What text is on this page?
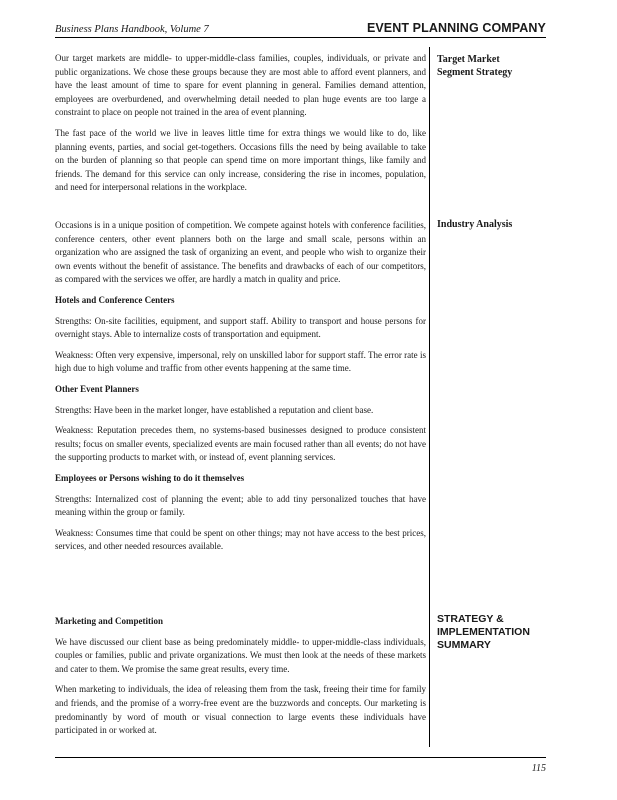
Business Plans Handbook, Volume 7	EVENT PLANNING COMPANY

Our target markets are middle- to upper-middle-class families, couples, individuals, or private and public organizations. We chose these groups because they are most able to afford event planners, and have the least amount of time to spare for event planning in general. Families demand attention, employees are overburdened, and overwhelming detail needed to plan huge events are too large a constraint to place on people not trained in the area of event planning.

The fast pace of the world we live in leaves little time for extra things we would like to do, like planning events, parties, and social get-togethers. Occasions fills the need by being available to take on the burden of planning so that people can spend time on more important things, like family and friends. The demand for this service can only increase, considering the rise in incomes, population, and need for interpersonal relations in the workplace.

Target Market
Segment Strategy

Occasions is in a unique position of competition. We compete against hotels with conference facilities, conference centers, other event planners both on the large and small scale, persons within an organization who are assigned the task of organizing an event, and people who wish to organize their own events without the benefit of assistance. The benefits and drawbacks of each of our competitors, as compared with the services we offer, are hardly a match in quality and price.

Hotels and Conference Centers

Strengths: On-site facilities, equipment, and support staff. Ability to transport and house persons for overnight stays. Able to internalize costs of transportation and equipment.

Weakness: Often very expensive, impersonal, rely on unskilled labor for support staff. The error rate is high due to high volume and traffic from other events happening at the same time.

Other Event Planners

Strengths: Have been in the market longer, have established a reputation and client base.

Weakness: Reputation precedes them, no systems-based businesses designed to produce consistent results; focus on smaller events, specialized events are main focused rather than all events; do not have the supporting products to market with, or instead of, event planning services.

Employees or Persons wishing to do it themselves

Strengths: Internalized cost of planning the event; able to add tiny personalized touches that have meaning within the group or family.

Weakness: Consumes time that could be spent on other things; may not have access to the best prices, services, and other needed resources available.

Industry Analysis

Marketing and Competition

We have discussed our client base as being predominately middle- to upper-middle-class individuals, couples or families, public and private organizations. We must then look at the needs of these markets and cater to them. We promise the same great results, every time.

When marketing to individuals, the idea of releasing them from the task, freeing their time for family and friends, and the promise of a worry-free event are the buzzwords and concepts. Our marketing is predominantly by word of mouth or visual connection to large events these individuals have participated in or worked at.

STRATEGY &
IMPLEMENTATION
SUMMARY
115
